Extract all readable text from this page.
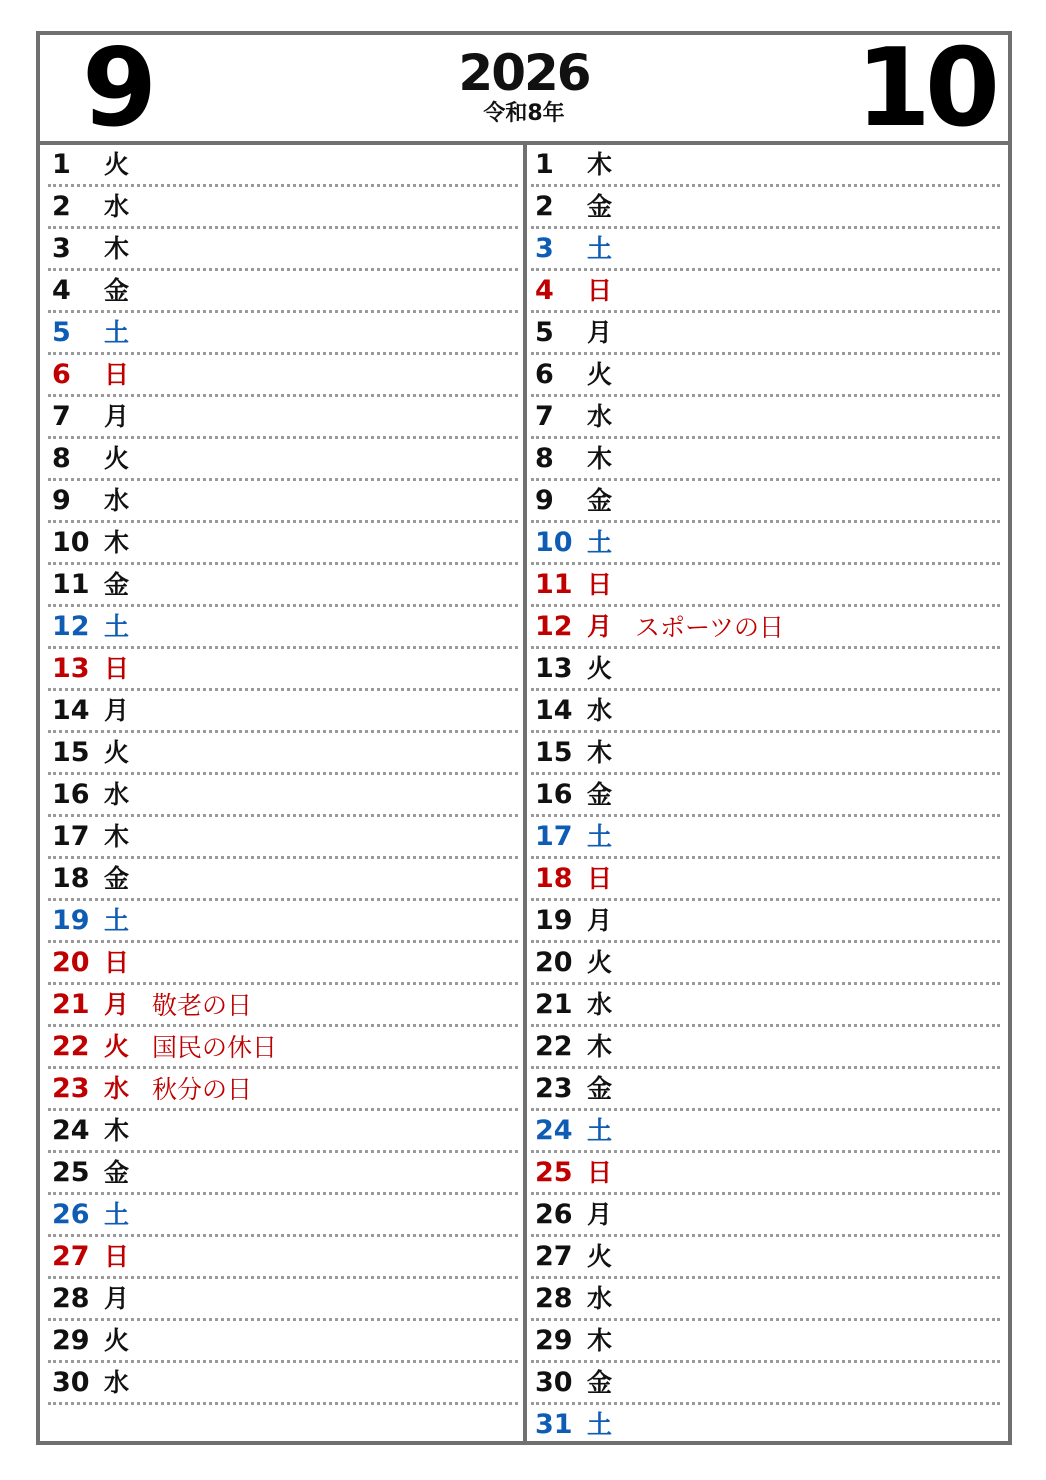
9	2026
令和8年	10
1 火
2 水
3 木
4 金
5 土
6 日
7 月
8 火
9 水
10 木
11 金
12 土
13 日
14 月
15 火
16 水
17 木
18 金
19 土
20 日
21 月 敬老の日
22 火 国民の休日
23 水 秋分の日
24 木
25 金
26 土
27 日
28 月
29 火
30 水
1 木
2 金
3 土
4 日
5 月
6 火
7 水
8 木
9 金
10 土
11 日
12 月 スポーツの日
13 火
14 水
15 木
16 金
17 土
18 日
19 月
20 火
21 水
22 木
23 金
24 土
25 日
26 月
27 火
28 水
29 木
30 金
31 土
